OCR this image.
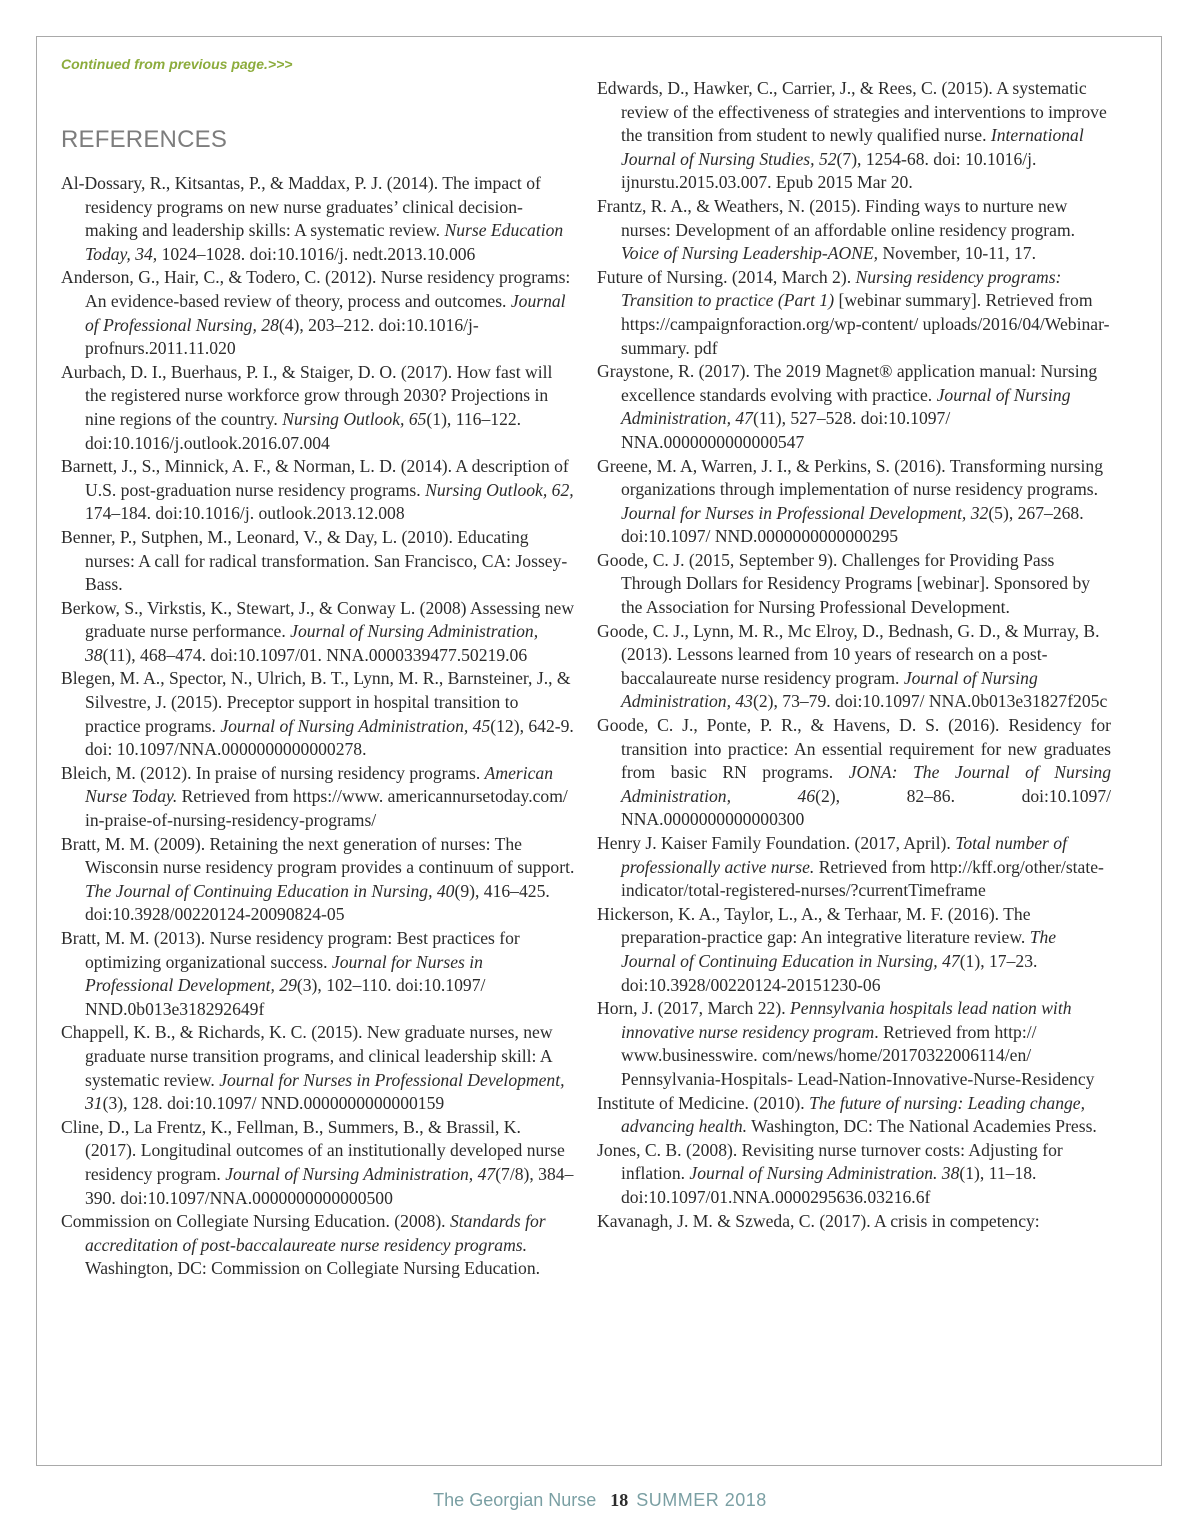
Continued from previous page.>>>
REFERENCES

Al-Dossary, R., Kitsantas, P., & Maddax, P. J. (2014). The impact of residency programs on new nurse graduates’ clinical decision-making and leadership skills: A systematic review. Nurse Education Today, 34, 1024–1028. doi:10.1016/j. nedt.2013.10.006

Anderson, G., Hair, C., & Todero, C. (2012). Nurse residency programs: An evidence-based review of theory, process and outcomes. Journal of Professional Nursing, 28(4), 203–212. doi:10.1016/j-profnurs.2011.11.020

Aurbach, D. I., Buerhaus, P. I., & Staiger, D. O. (2017). How fast will the registered nurse workforce grow through 2030? Projections in nine regions of the country. Nursing Outlook, 65(1), 116–122. doi:10.1016/j.outlook.2016.07.004

Barnett, J., S., Minnick, A. F., & Norman, L. D. (2014). A description of U.S. post-graduation nurse residency programs. Nursing Outlook, 62, 174–184. doi:10.1016/j. outlook.2013.12.008

Benner, P., Sutphen, M., Leonard, V., & Day, L. (2010). Educating nurses: A call for radical transformation. San Francisco, CA: Jossey-Bass.

Berkow, S., Virkstis, K., Stewart, J., & Conway L. (2008) Assessing new graduate nurse performance. Journal of Nursing Administration, 38(11), 468–474. doi:10.1097/01. NNA.0000339477.50219.06

Blegen, M. A., Spector, N., Ulrich, B. T., Lynn, M. R., Barnsteiner, J., & Silvestre, J. (2015). Preceptor support in hospital transition to practice programs. Journal of Nursing Administration, 45(12), 642-9. doi: 10.1097/NNA.0000000000000278.

Bleich, M. (2012). In praise of nursing residency programs. American Nurse Today. Retrieved from https://www. americannursetoday.com/ in-praise-of-nursing-residency-programs/

Bratt, M. M. (2009). Retaining the next generation of nurses: The Wisconsin nurse residency program provides a continuum of support. The Journal of Continuing Education in Nursing, 40(9), 416–425. doi:10.3928/00220124-20090824-05

Bratt, M. M. (2013). Nurse residency program: Best practices for optimizing organizational success. Journal for Nurses in Professional Development, 29(3), 102–110. doi:10.1097/ NND.0b013e318292649f

Chappell, K. B., & Richards, K. C. (2015). New graduate nurses, new graduate nurse transition programs, and clinical leadership skill: A systematic review. Journal for Nurses in Professional Development, 31(3), 128. doi:10.1097/ NND.0000000000000159

Cline, D., La Frentz, K., Fellman, B., Summers, B., & Brassil, K. (2017). Longitudinal outcomes of an institutionally developed nurse residency program. Journal of Nursing Administration, 47(7/8), 384–390. doi:10.1097/NNA.0000000000000500

Commission on Collegiate Nursing Education. (2008). Standards for accreditation of post-baccalaureate nurse residency programs. Washington, DC: Commission on Collegiate Nursing Education.

Edwards, D., Hawker, C., Carrier, J., & Rees, C. (2015). A systematic review of the effectiveness of strategies and interventions to improve the transition from student to newly qualified nurse. International Journal of Nursing Studies, 52(7), 1254-68. doi: 10.1016/j. ijnurstu.2015.03.007. Epub 2015 Mar 20.

Frantz, R. A., & Weathers, N. (2015). Finding ways to nurture new nurses: Development of an affordable online residency program. Voice of Nursing Leadership-AONE, November, 10-11, 17.

Future of Nursing. (2014, March 2). Nursing residency programs: Transition to practice (Part 1) [webinar summary]. Retrieved from https://campaignforaction.org/wp-content/ uploads/2016/04/Webinar-summary. pdf

Graystone, R. (2017). The 2019 Magnet® application manual: Nursing excellence standards evolving with practice. Journal of Nursing Administration, 47(11), 527–528. doi:10.1097/ NNA.0000000000000547

Greene, M. A, Warren, J. I., & Perkins, S. (2016). Transforming nursing organizations through implementation of nurse residency programs. Journal for Nurses in Professional Development, 32(5), 267–268. doi:10.1097/ NND.0000000000000295

Goode, C. J. (2015, September 9). Challenges for Providing Pass Through Dollars for Residency Programs [webinar]. Sponsored by the Association for Nursing Professional Development.

Goode, C. J., Lynn, M. R., Mc Elroy, D., Bednash, G. D., & Murray, B. (2013). Lessons learned from 10 years of research on a post-baccalaureate nurse residency program. Journal of Nursing Administration, 43(2), 73–79. doi:10.1097/ NNA.0b013e31827f205c

Goode, C. J., Ponte, P. R., & Havens, D. S. (2016). Residency for transition into practice: An essential requirement for new graduates from basic RN programs. JONA: The Journal of Nursing Administration, 46(2), 82–86. doi:10.1097/ NNA.0000000000000300

Henry J. Kaiser Family Foundation. (2017, April). Total number of professionally active nurse. Retrieved from http://kff.org/other/state- indicator/total-registered-nurses/?currentTimeframe

Hickerson, K. A., Taylor, L., A., & Terhaar, M. F. (2016). The preparation-practice gap: An integrative literature review. The Journal of Continuing Education in Nursing, 47(1), 17–23. doi:10.3928/00220124-20151230-06

Horn, J. (2017, March 22). Pennsylvania hospitals lead nation with innovative nurse residency program. Retrieved from http:// www.businesswire. com/news/home/20170322006114/en/ Pennsylvania-Hospitals- Lead-Nation-Innovative-Nurse-Residency

Institute of Medicine. (2010). The future of nursing: Leading change, advancing health. Washington, DC: The National Academies Press.

Jones, C. B. (2008). Revisiting nurse turnover costs: Adjusting for inflation. Journal of Nursing Administration. 38(1), 11–18. doi:10.1097/01.NNA.0000295636.03216.6f

Kavanagh, J. M. & Szweda, C. (2017). A crisis in competency:

The Georgian Nurse 18 SUMMER 2018
